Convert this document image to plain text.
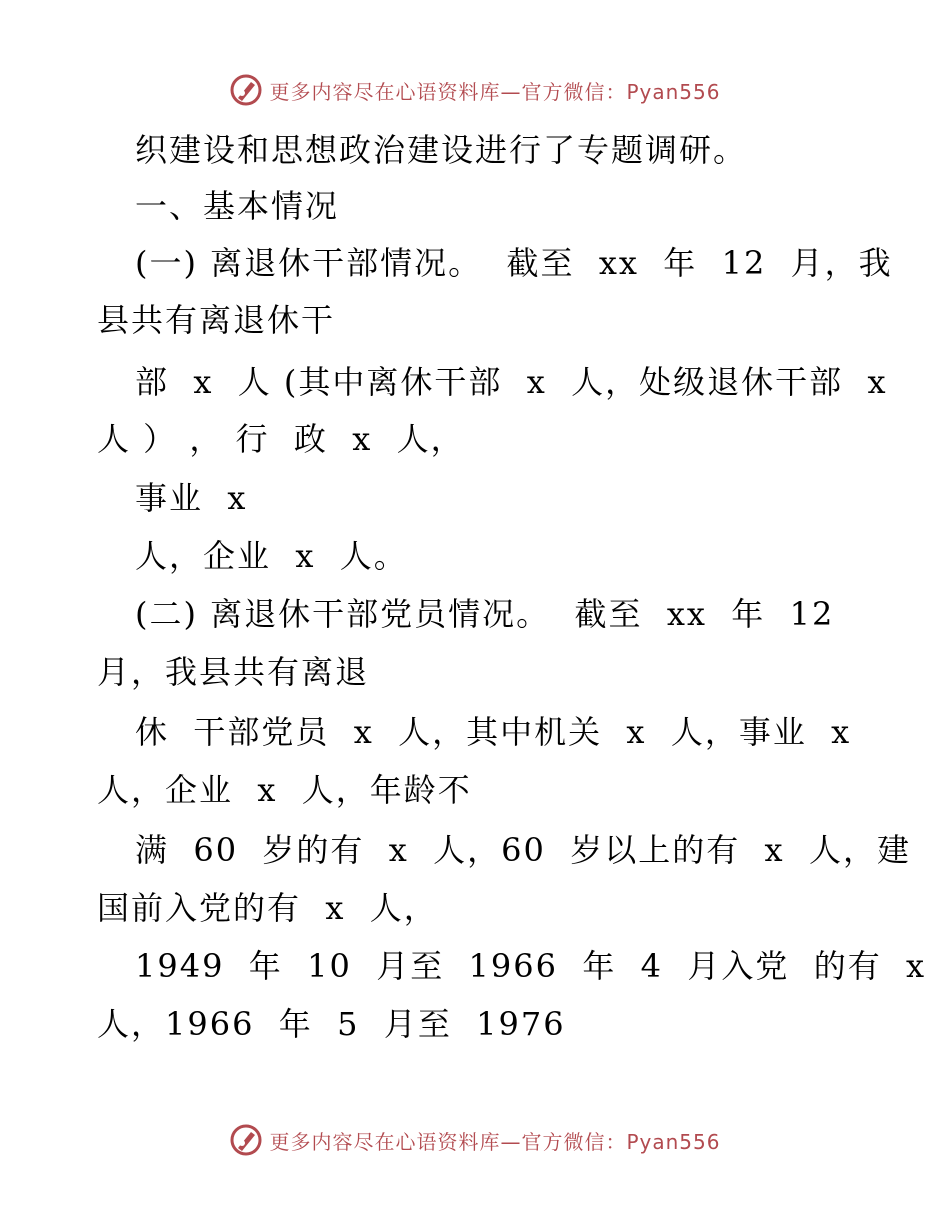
更多内容尽在心语资料库—官方微信：Pyan556
织建设和思想政治建设进行了专题调研。
一、基本情况
(一) 离退休干部情况。  截至  xx  年  12  月，我
县共有离退休干
部  x  人 (其中离休干部  x  人，处级退休干部  x
人 ） ， 行  政  x  人，
事业  x
人，企业  x  人。
(二) 离退休干部党员情况。  截至  xx  年  12
月，我县共有离退
休  干部党员  x  人，其中机关  x  人，事业  x
人，企业  x  人，年龄不
满  60  岁的有  x  人，60  岁以上的有  x  人，建
国前入党的有  x  人，
1949  年  10  月至  1966  年  4  月入党  的有  x
人，1966  年  5  月至  1976
更多内容尽在心语资料库—官方微信：Pyan556
